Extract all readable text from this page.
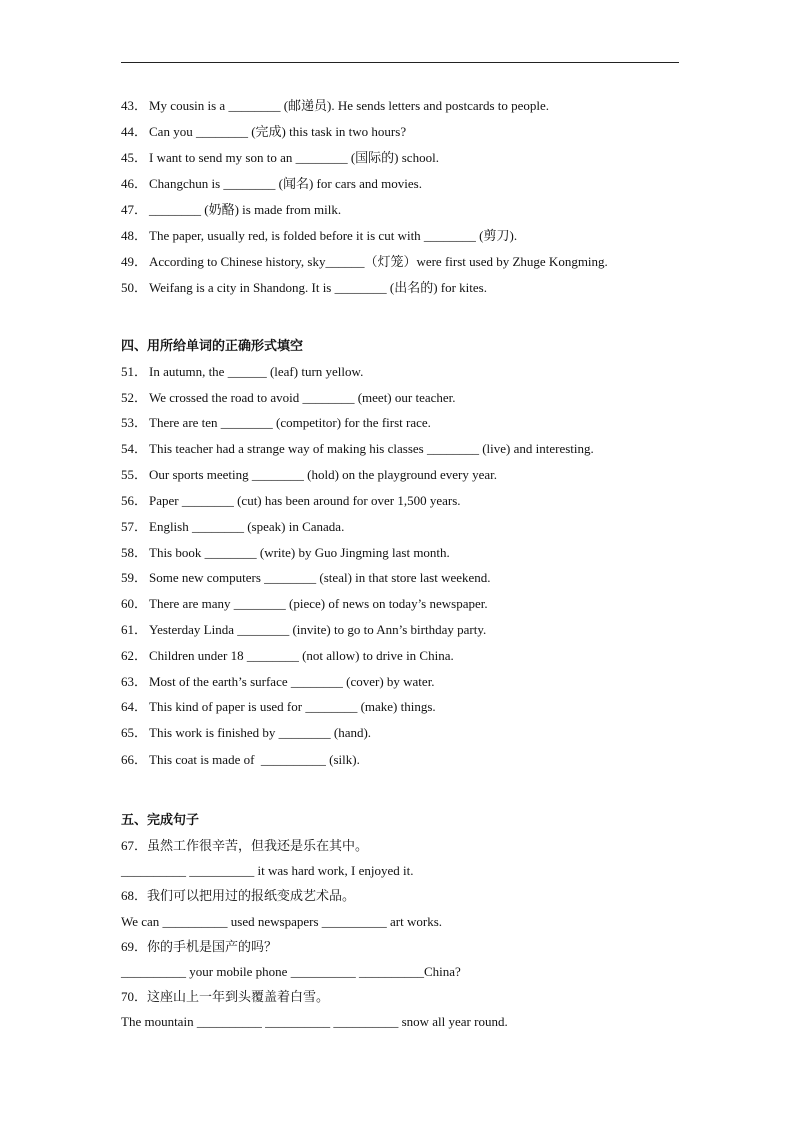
43． My cousin is a ________ (邮递员). He sends letters and postcards to people.
44． Can you ________ (完成) this task in two hours?
45． I want to send my son to an ________ (国际的) school.
46． Changchun is ________ (闻名) for cars and movies.
47． ________ (奶酪) is made from milk.
48． The paper, usually red, is folded before it is cut with ________ (剪刀).
49． According to Chinese history, sky______（灯笼）were first used by Zhuge Kongming.
50． Weifang is a city in Shandong. It is ________ (出名的) for kites.
四、用所给单词的正确形式填空
51． In autumn, the ______ (leaf) turn yellow.
52． We crossed the road to avoid ________ (meet) our teacher.
53． There are ten ________ (competitor) for the first race.
54． This teacher had a strange way of making his classes ________ (live) and interesting.
55． Our sports meeting ________ (hold) on the playground every year.
56． Paper ________ (cut) has been around for over 1,500 years.
57． English ________ (speak) in Canada.
58． This book ________ (write) by Guo Jingming last month.
59． Some new computers ________ (steal) in that store last weekend.
60． There are many ________ (piece) of news on today’s newspaper.
61． Yesterday Linda ________ (invite) to go to Ann’s birthday party.
62． Children under 18 ________ (not allow) to drive in China.
63． Most of the earth’s surface ________ (cover) by water.
64． This kind of paper is used for ________ (make) things.
65． This work is finished by ________ (hand).
66． This coat is made of  __________ (silk).
五、完成句子
67．虽然工作很辛苦，但我还是乐在其中。
__________ __________ it was hard work, I enjoyed it.
68．我们可以把用过的报纸变成艺术品。
We can __________ used newspapers __________ art works.
69．你的手机是国产的吗？
__________ your mobile phone __________ __________China?
70．这座山上一年到头覆盖着白雪。
The mountain __________ __________ __________ snow all year round.
